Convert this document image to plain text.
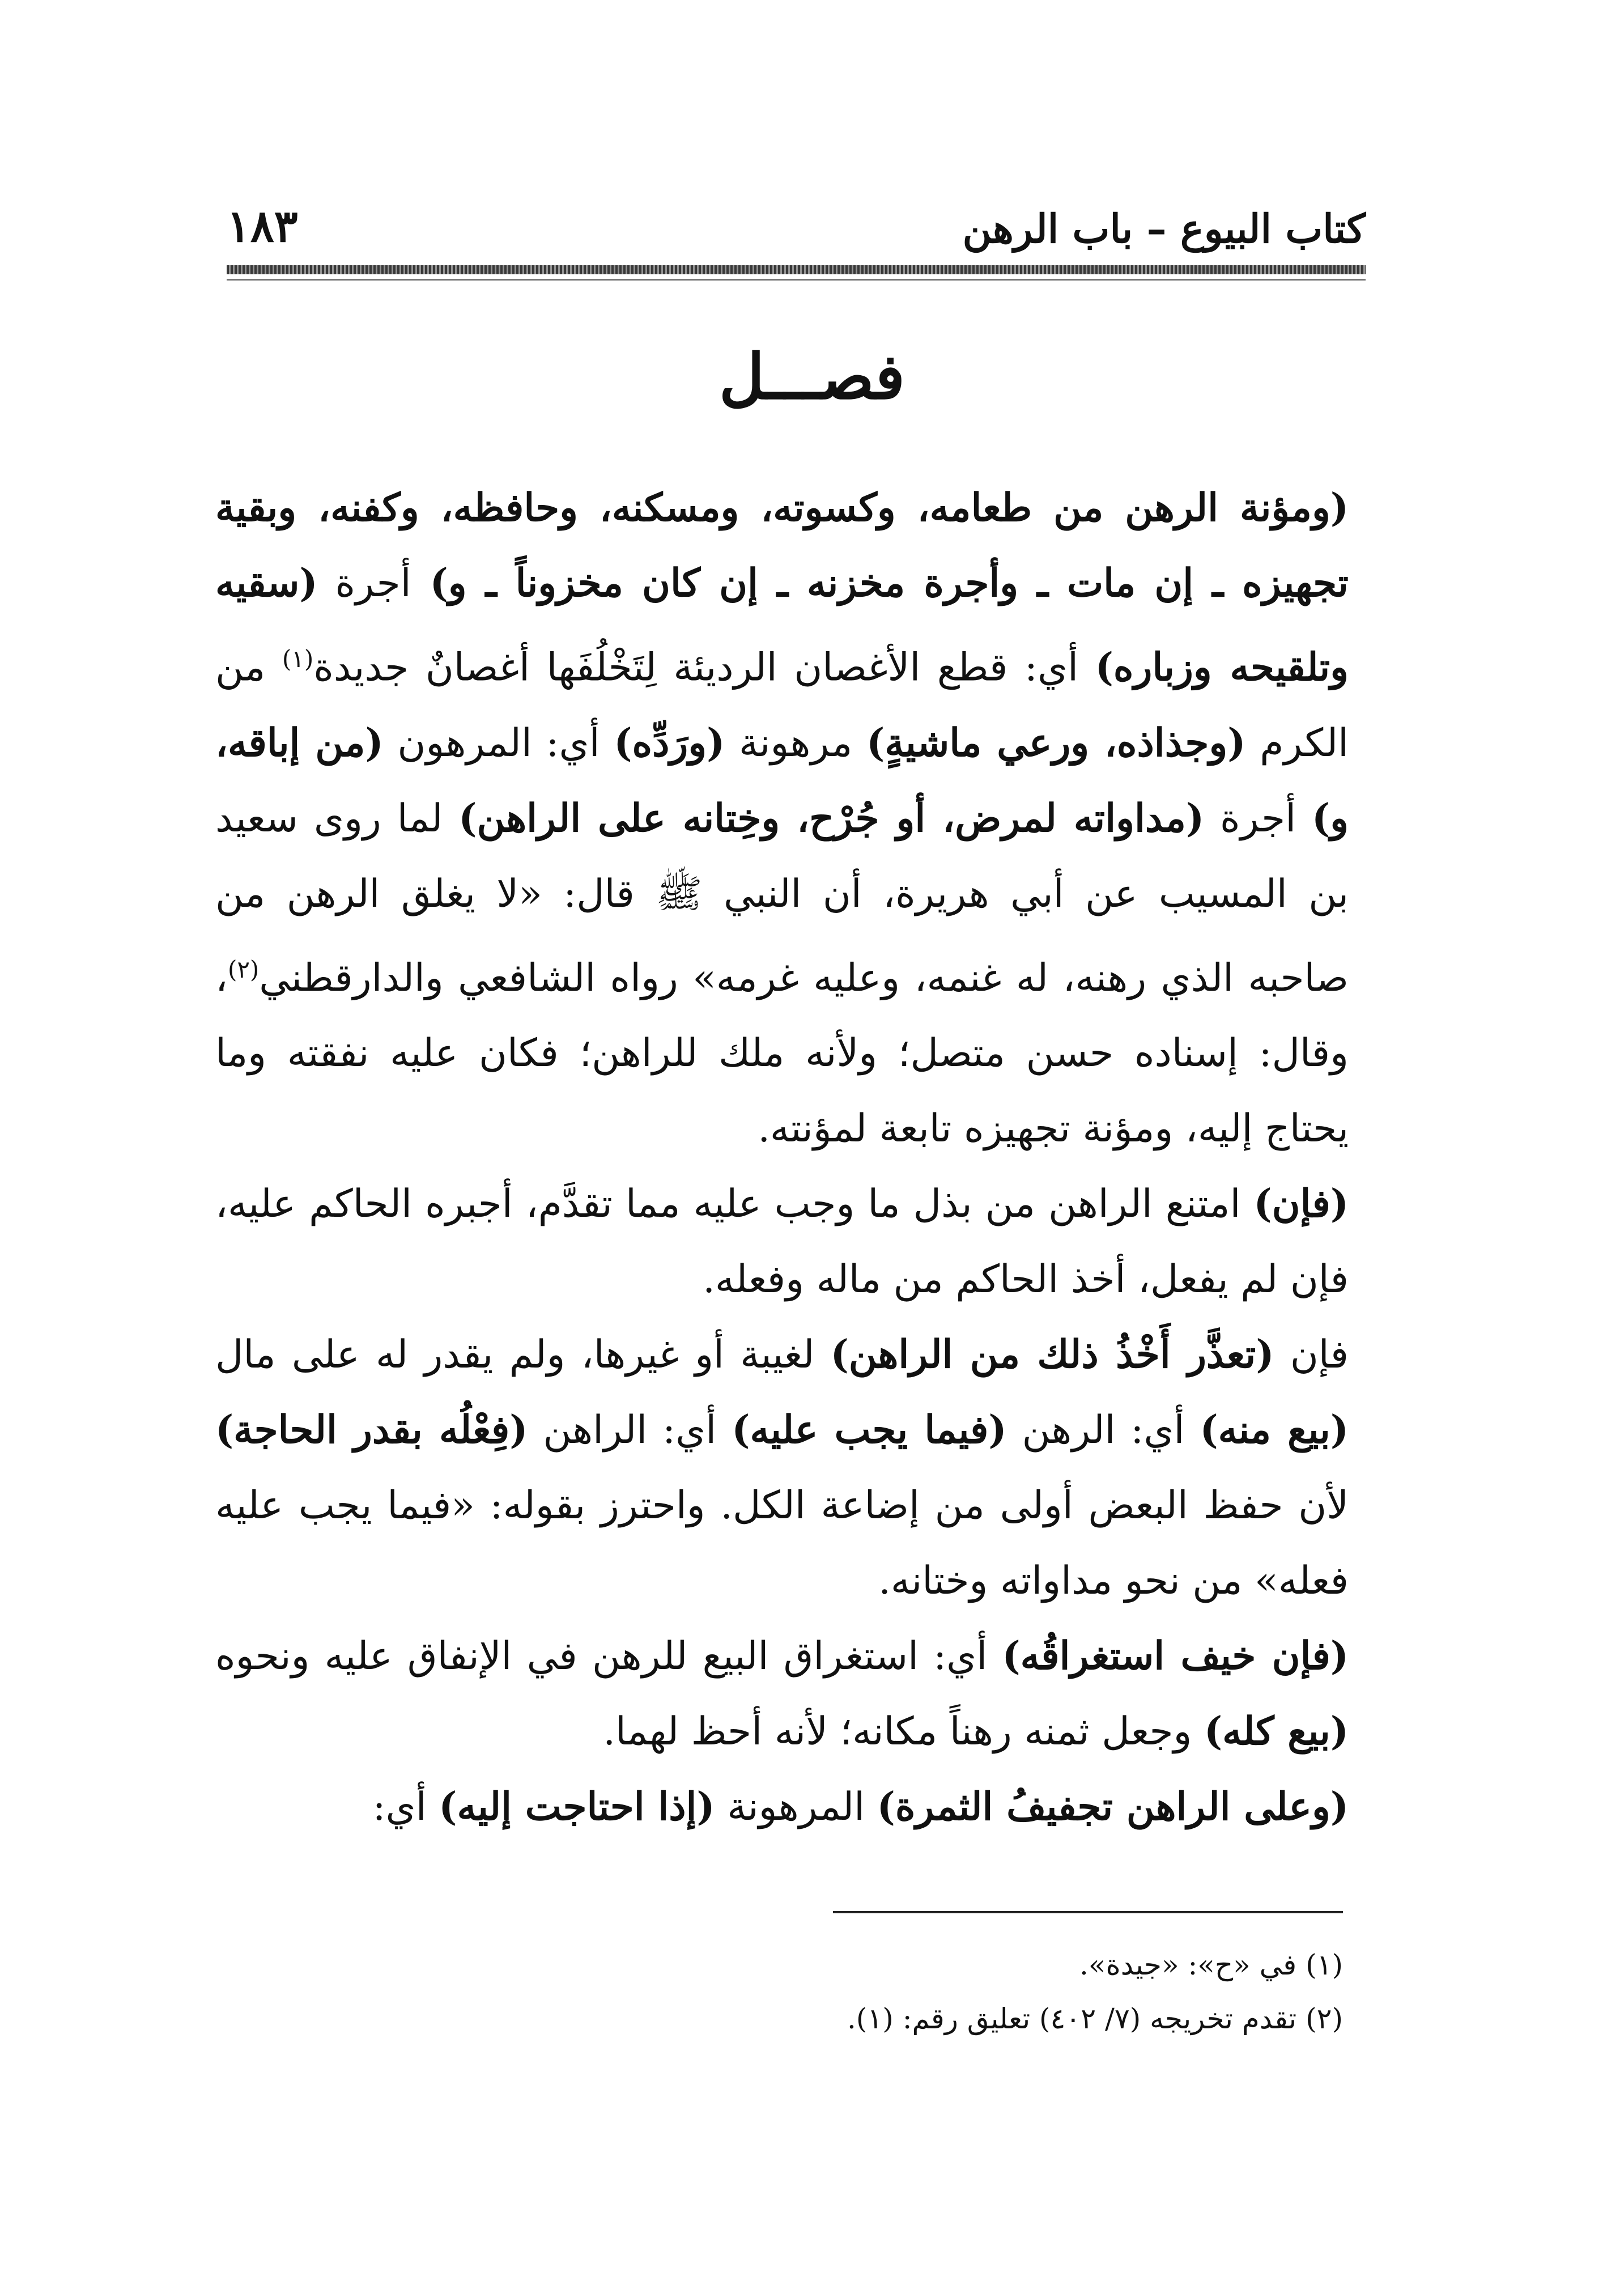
كتاب البيوع – باب الرهن
١٨٣
فصـــل

(ومؤنة الرهن من طعامه، وكسوته، ومسكنه، وحافظه، وكفنه، وبقية تجهيزه ـ إن مات ـ وأجرة مخزنه ـ إن كان مخزوناً ـ و) أجرة (سقيه وتلقيحه وزباره) أي: قطع الأغصان الرديئة لِتَخْلُفَها أغصانٌ جديدة$^{(١)}$ من الكرم (وجذاذه، ورعي ماشيةٍ) مرهونة (ورَدِّه) أي: المرهون (من إباقه، و) أجرة (مداواته لمرض، أو جُرْح، وخِتانه على الراهن) لما روى سعيد بن المسيب عن أبي هريرة، أن النبي ﷺ قال: «لا يغلق الرهن من صاحبه الذي رهنه، له غنمه، وعليه غرمه» رواه الشافعي والدارقطني$^{(٢)}$، وقال: إسناده حسن متصل؛ ولأنه ملك للراهن؛ فكان عليه نفقته وما يحتاج إليه، ومؤنة تجهيزه تابعة لمؤنته.

(فإن) امتنع الراهن من بذل ما وجب عليه مما تقدَّم، أجبره الحاكم عليه، فإن لم يفعل، أخذ الحاكم من ماله وفعله.

فإن (تعذَّر أَخْذُ ذلك من الراهن) لغيبة أو غيرها، ولم يقدر له على مال (بيع منه) أي: الرهن (فيما يجب عليه) أي: الراهن (فِعْلُه بقدر الحاجة) لأن حفظ البعض أولى من إضاعة الكل. واحترز بقوله: «فيما يجب عليه فعله» من نحو مداواته وختانه.

(فإن خيف استغراقُه) أي: استغراق البيع للرهن في الإنفاق عليه ونحوه (بيع كله) وجعل ثمنه رهناً مكانه؛ لأنه أحظ لهما.

(وعلى الراهن تجفيفُ الثمرة) المرهونة (إذا احتاجت إليه) أي:

(١) في «ح»: «جيدة».

(٢) تقدم تخريجه (٧/ ٤٠٢) تعليق رقم: (١).
